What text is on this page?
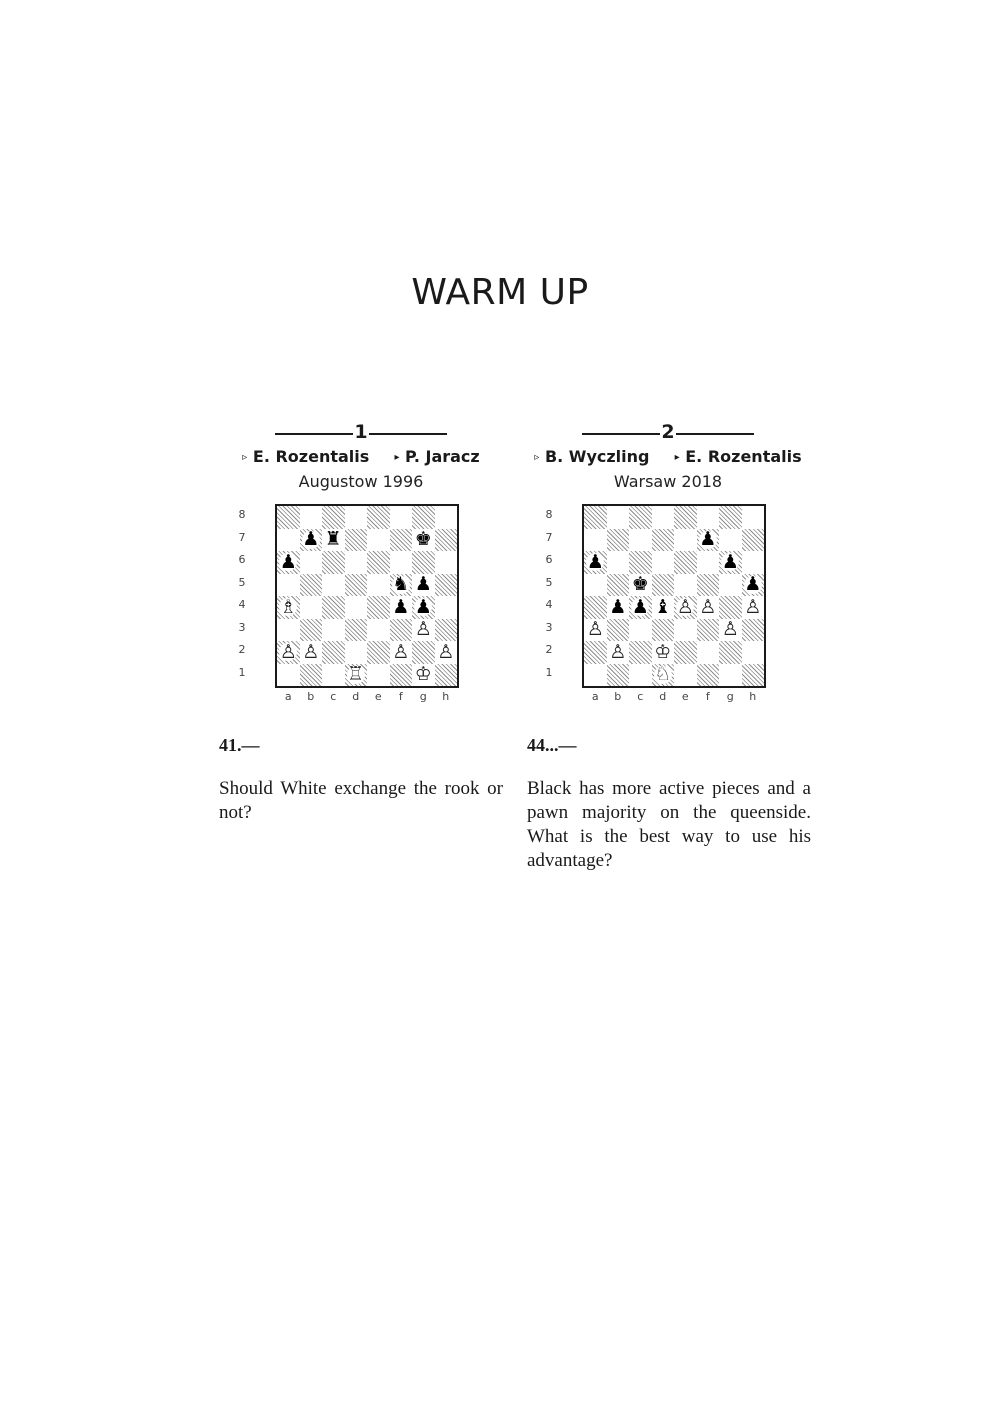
WARM UP
1
▹ E. Rozentalis	▸ P. Jaracz
Augustow 1996
8
7
6
5
4
3
2
1
♟ ♜	♚
♟
♞ ♟
♗	♟ ♟
♙
♙ ♙	♙ ♙
♖	♔
a	b	c	d	e	f	g	h
2
▹ B. Wyczling	▸ E. Rozentalis
Warsaw 2018
8
7
6
5
4
3
2
1
♟
♟	♟
♚	♟
♟ ♟ ♝ ♙ ♙ ♙
♙	♙
♙ ♔
♘
a	b	c	d	e	f	g	h
41.—	44...—
Should White exchange the rook or not?
Black has more active pieces and a pawn majority on the queenside. What is the best way to use his advantage?
